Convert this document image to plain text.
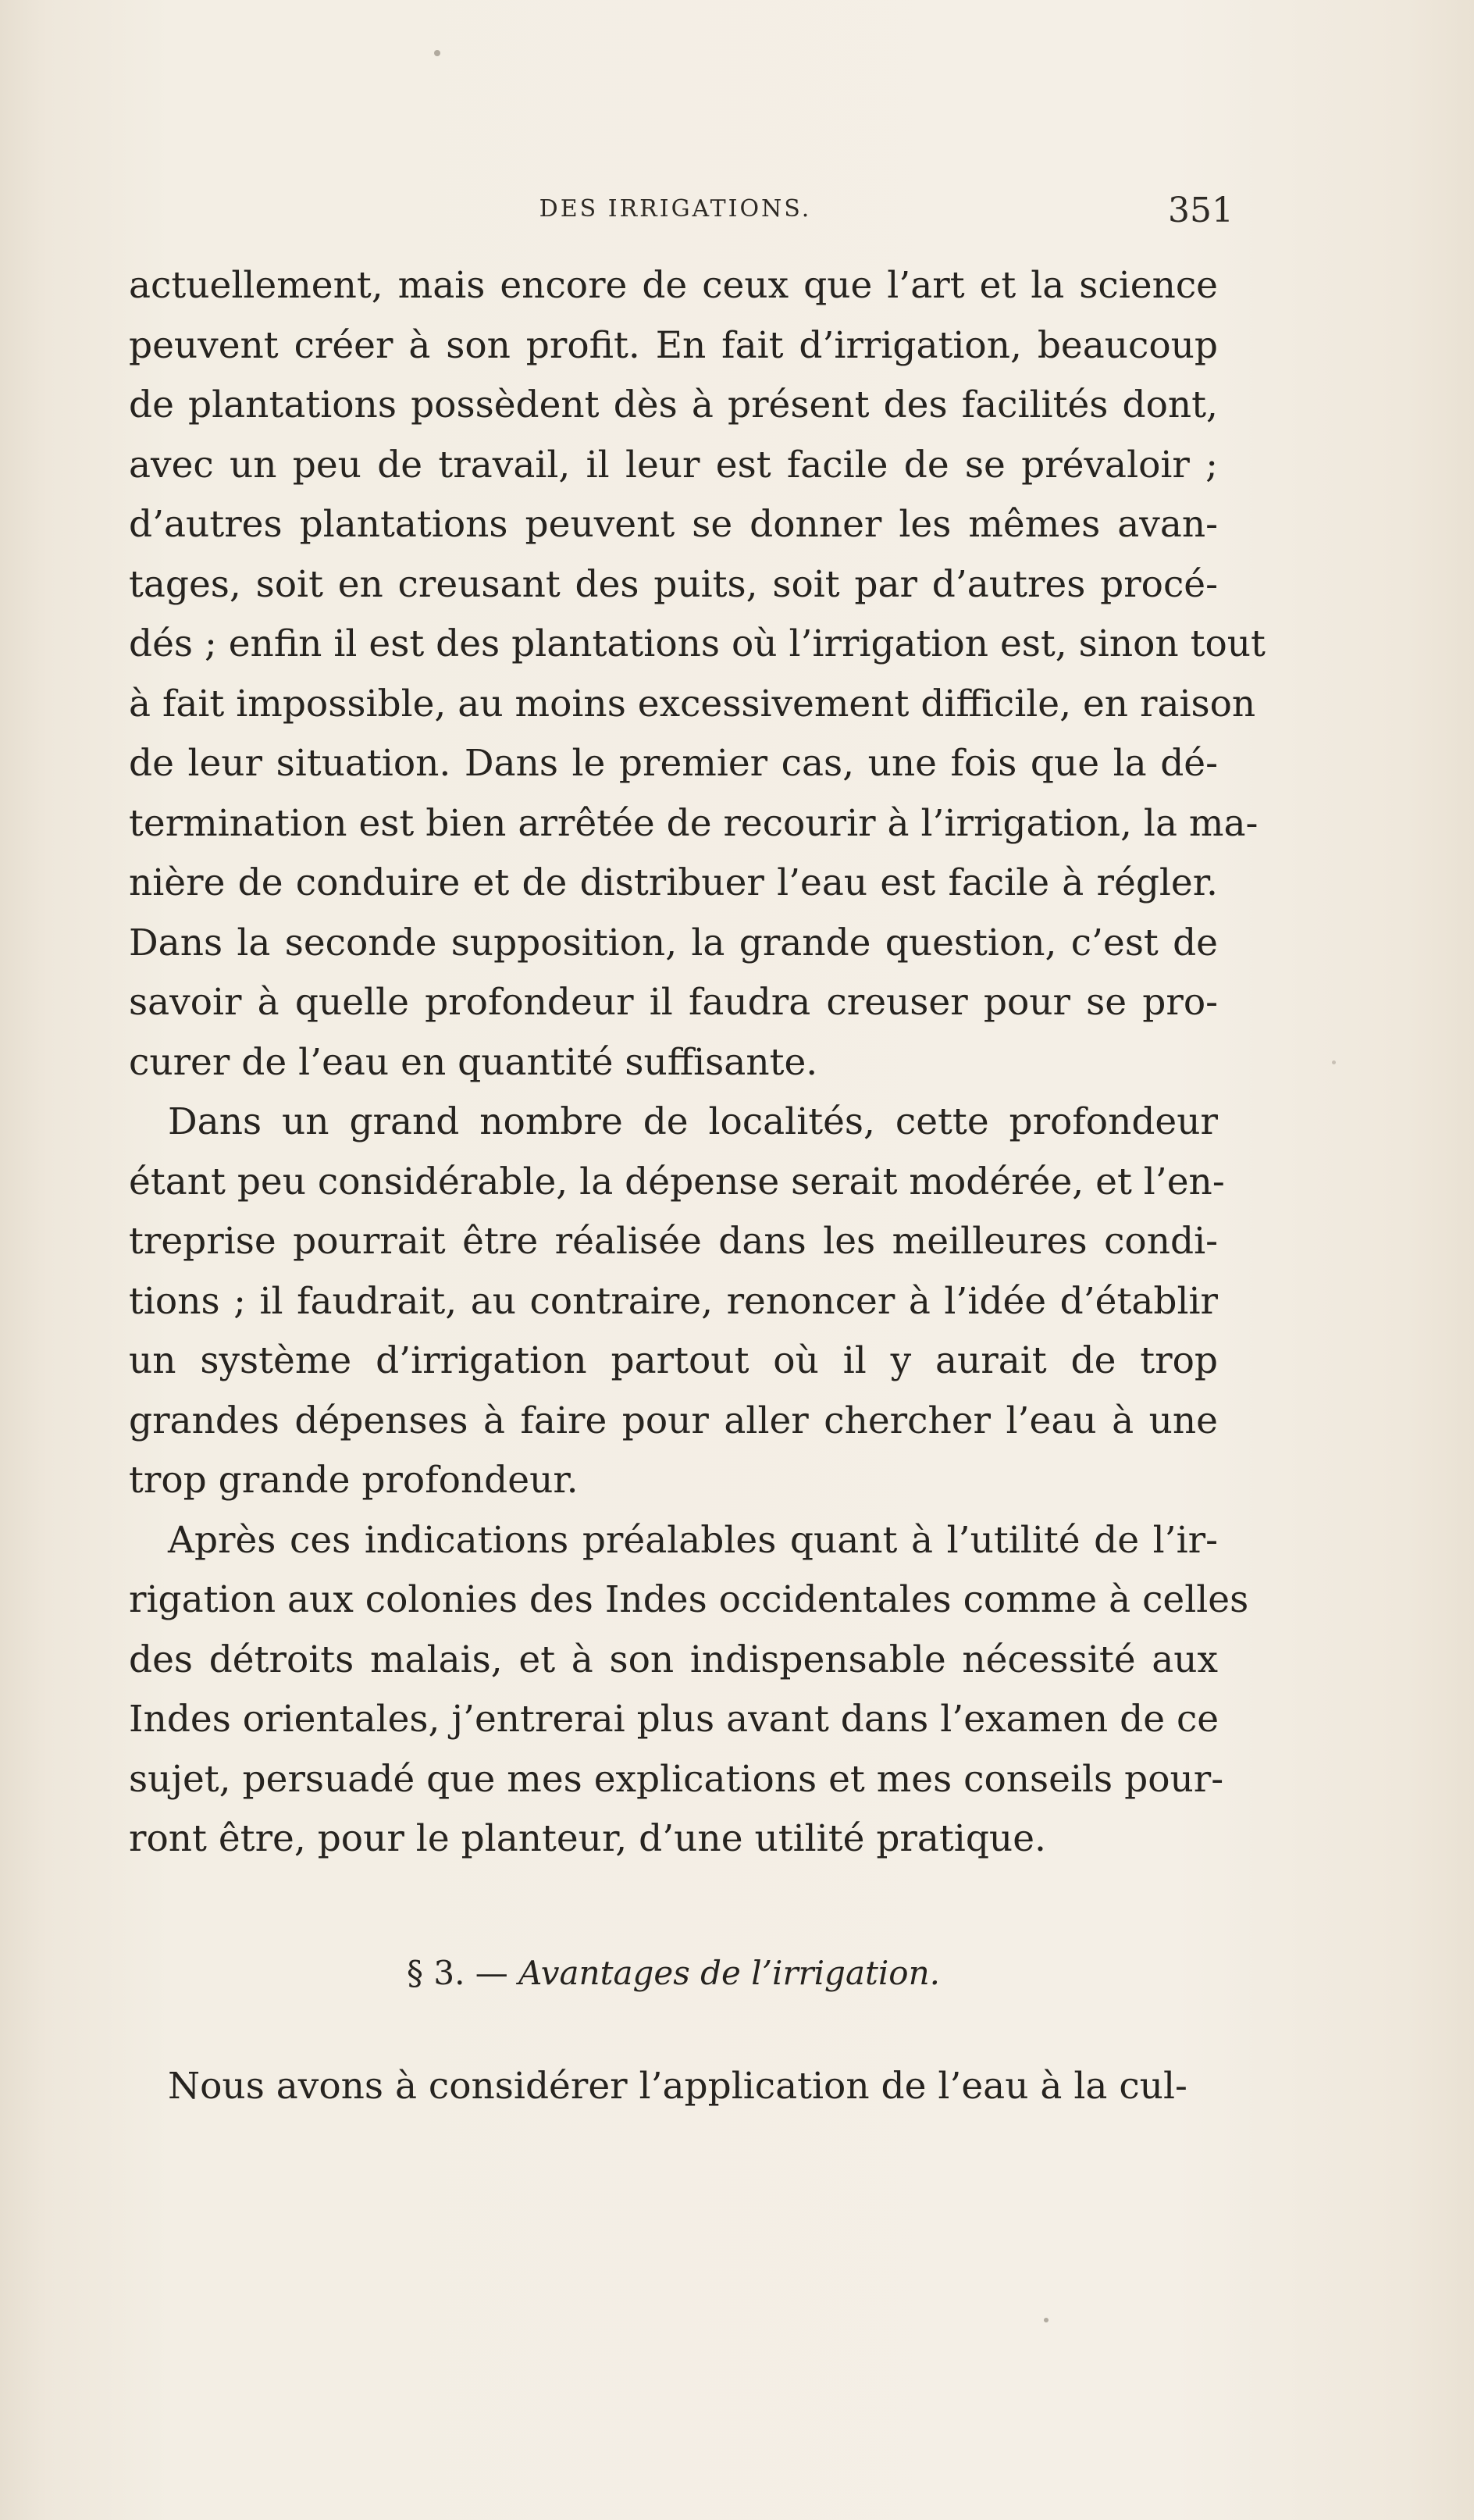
DES IRRIGATIONS.	351
actuellement, mais encore de ceux que l’art et la science
peuvent créer à son profit. En fait d’irrigation, beaucoup
de plantations possèdent dès à présent des facilités dont,
avec un peu de travail, il leur est facile de se prévaloir ;
d’autres plantations peuvent se donner les mêmes avan-
tages, soit en creusant des puits, soit par d’autres procé-
dés ; enfin il est des plantations où l’irrigation est, sinon tout
à fait impossible, au moins excessivement difficile, en raison
de leur situation. Dans le premier cas, une fois que la dé-
termination est bien arrêtée de recourir à l’irrigation, la ma-
nière de conduire et de distribuer l’eau est facile à régler.
Dans la seconde supposition, la grande question, c’est de
savoir à quelle profondeur il faudra creuser pour se pro-
curer de l’eau en quantité suffisante.
Dans un grand nombre de localités, cette profondeur
étant peu considérable, la dépense serait modérée, et l’en-
treprise pourrait être réalisée dans les meilleures condi-
tions ; il faudrait, au contraire, renoncer à l’idée d’établir
un système d’irrigation partout où il y aurait de trop
grandes dépenses à faire pour aller chercher l’eau à une
trop grande profondeur.
Après ces indications préalables quant à l’utilité de l’ir-
rigation aux colonies des Indes occidentales comme à celles
des détroits malais, et à son indispensable nécessité aux
Indes orientales, j’entrerai plus avant dans l’examen de ce
sujet, persuadé que mes explications et mes conseils pour-
ront être, pour le planteur, d’une utilité pratique.
§ 3. — Avantages de l’irrigation.
Nous avons à considérer l’application de l’eau à la cul-
